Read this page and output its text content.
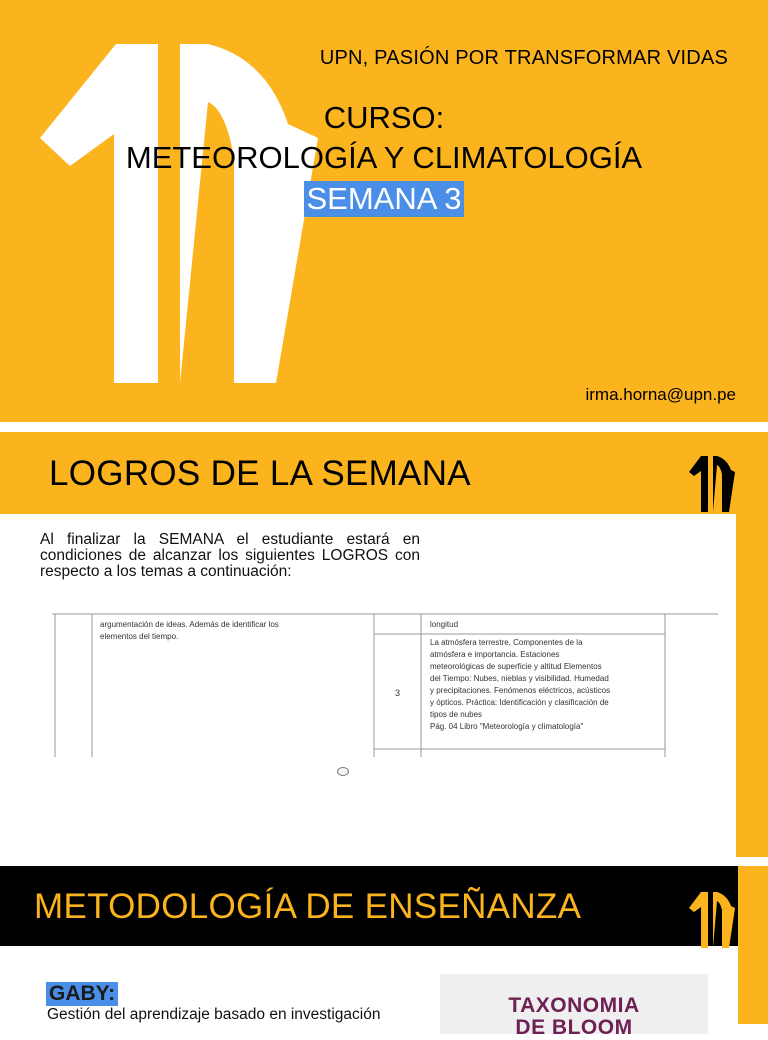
UPN, PASIÓN POR TRANSFORMAR VIDAS
CURSO:
METEOROLOGÍA Y CLIMATOLOGÍA
SEMANA 3
irma.horna@upn.pe
LOGROS DE LA SEMANA
Al finalizar la SEMANA el estudiante estará en
condiciones de alcanzar los siguientes LOGROS con
respecto a los temas a continuación:
argumentación de ideas. Además de identificar los
elementos del tiempo.
longitud
3
La atmósfera terrestre, Componentes de la
atmósfera e importancia. Estaciones
meteorológicas de superficie y altitud Elementos
del Tiempo: Nubes, nieblas y visibilidad. Humedad
y precipitaciones. Fenómenos eléctricos, acústicos
y ópticos. Práctica: Identificación y clasificación de
tipos de nubes
Pág. 04 Libro "Meteorología y climatología"
METODOLOGÍA DE ENSEÑANZA
GABY:
Gestión del aprendizaje basado en investigación	TAXONOMIA
DE BLOOM
